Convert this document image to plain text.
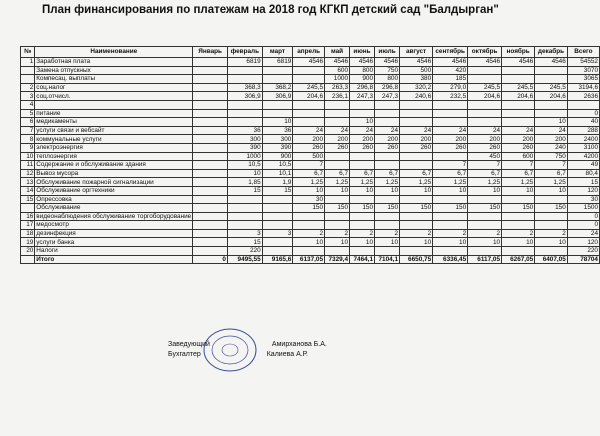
План финансирования по платежам на 2018 год КГКП детский сад "Балдырган"
№	Наименование	Январь	февраль	март	апрель	май	июнь	июль	август	сентябрь	октябрь	ноябрь	декабрь	Всего
1	Заработная плата		6819	6819	4546	4546	4546	4546	4546	4546	4546	4546	4546	54552
	Замена отпускных					600	800	750	500	420				3070
	Компесац. выплаты					1000	900	800	380	185				3065
2	соц.налог		368,3	368,2	245,5	263,3	296,8	296,8	320,2	279,0	245,5	245,5	245,5	3194,6
3	соц.отчисл.		306,9	306,9	204,6	236,1	247,3	247,3	240,6	232,5	204,6	204,6	204,6	2636
4														
5	питание													0
6	медикаменты			10			10						10	40
7	услуги связи и вебсайт		36	36	24	24	24	24	24	24	24	24	24	288
8	коммунальные услуги		300	300	200	200	200	200	200	200	200	200	200	2400
9	электроэнергия		390	390	260	260	260	260	260	260	260	260	240	3100
10	теплоэнергия		1000	900	500						450	600	750	4200
11	Содержание и обслуживание здания		10,5	10,5	7					7	7	7	7	49
12	Вывоз мусора		10	10,1	6,7	6,7	6,7	6,7	6,7	6,7	6,7	6,7	6,7	80,4
13	Обслуживание пожарной сигнализации		1,85	1,9	1,25	1,25	1,25	1,25	1,25	1,25	1,25	1,25	1,25	15
14	Обслуживание оргтехники		15	15	10	10	10	10	10	10	10	10	10	120
15	Опрессовка				30									30
	Обслуживание				150	150	150	150	150	150	150	150	150	1500
16	видеонаблюдения обслуживание торгоборудование													0
17	медосмотр													0
18	дезинфекция		3	3	2	2	2	2	2	2	2	2	2	24
19	услуги банка		15		10	10	10	10	10	10	10	10	10	120
20	Налоги		220											220
	Итого	0	9495,55	9165,6	6137,05	7329,4	7464,1	7104,1	6650,75	6336,45	6117,05	6267,05	6407,05	78704
Заведующий	Амирханова Б.А.
Бухгалтер	Калиева А.Р.
